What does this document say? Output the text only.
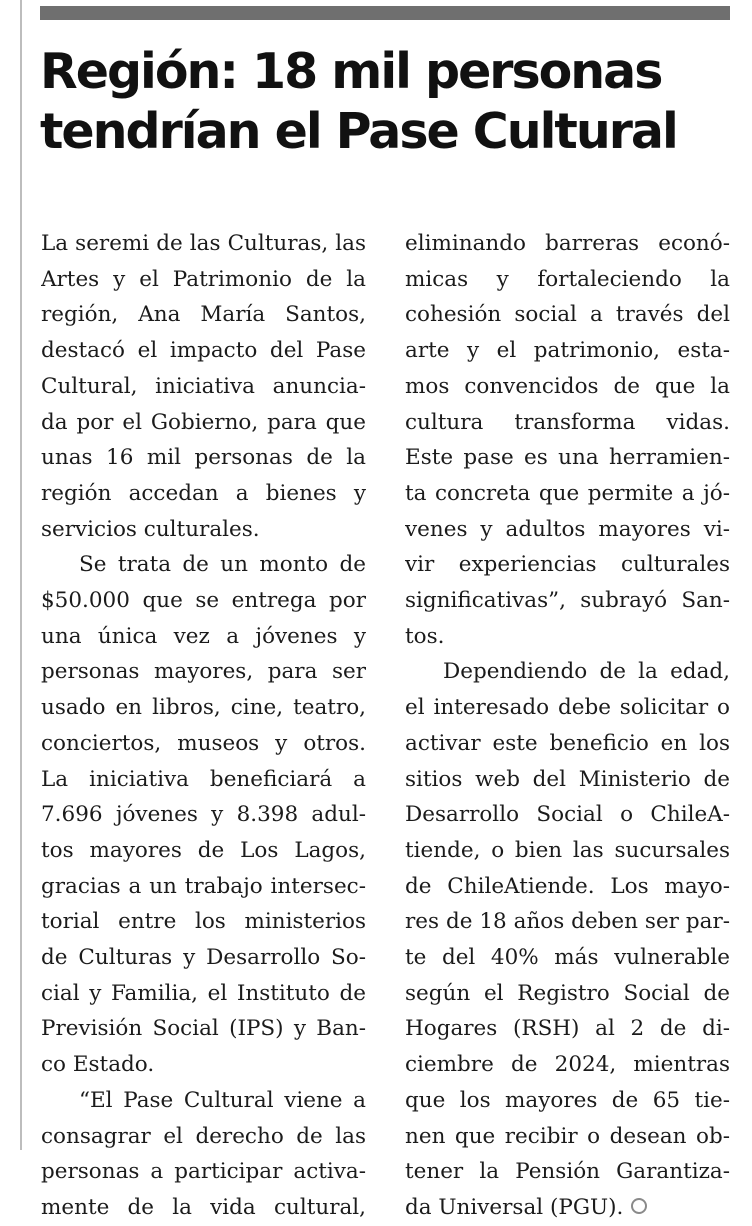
Región: 18 mil personas
tendrían el Pase Cultural
La seremi de las Culturas, las
Artes y el Patrimonio de la
región, Ana María Santos,
destacó el impacto del Pase
Cultural, iniciativa anuncia-
da por el Gobierno, para que
unas 16 mil personas de la
región accedan a bienes y
servicios culturales.
Se trata de un monto de
$50.000 que se entrega por
una única vez a jóvenes y
personas mayores, para ser
usado en libros, cine, teatro,
conciertos, museos y otros.
La iniciativa beneficiará a
7.696 jóvenes y 8.398 adul-
tos mayores de Los Lagos,
gracias a un trabajo intersec-
torial entre los ministerios
de Culturas y Desarrollo So-
cial y Familia, el Instituto de
Previsión Social (IPS) y Ban-
co Estado.
“El Pase Cultural viene a
consagrar el derecho de las
personas a participar activa-
mente de la vida cultural,
eliminando barreras econó-
micas y fortaleciendo la
cohesión social a través del
arte y el patrimonio, esta-
mos convencidos de que la
cultura transforma vidas.
Este pase es una herramien-
ta concreta que permite a jó-
venes y adultos mayores vi-
vir experiencias culturales
significativas”, subrayó San-
tos.
Dependiendo de la edad,
el interesado debe solicitar o
activar este beneficio en los
sitios web del Ministerio de
Desarrollo Social o ChileA-
tiende, o bien las sucursales
de ChileAtiende. Los mayo-
res de 18 años deben ser par-
te del 40% más vulnerable
según el Registro Social de
Hogares (RSH) al 2 de di-
ciembre de 2024, mientras
que los mayores de 65 tie-
nen que recibir o desean ob-
tener la Pensión Garantiza-
da Universal (PGU).
